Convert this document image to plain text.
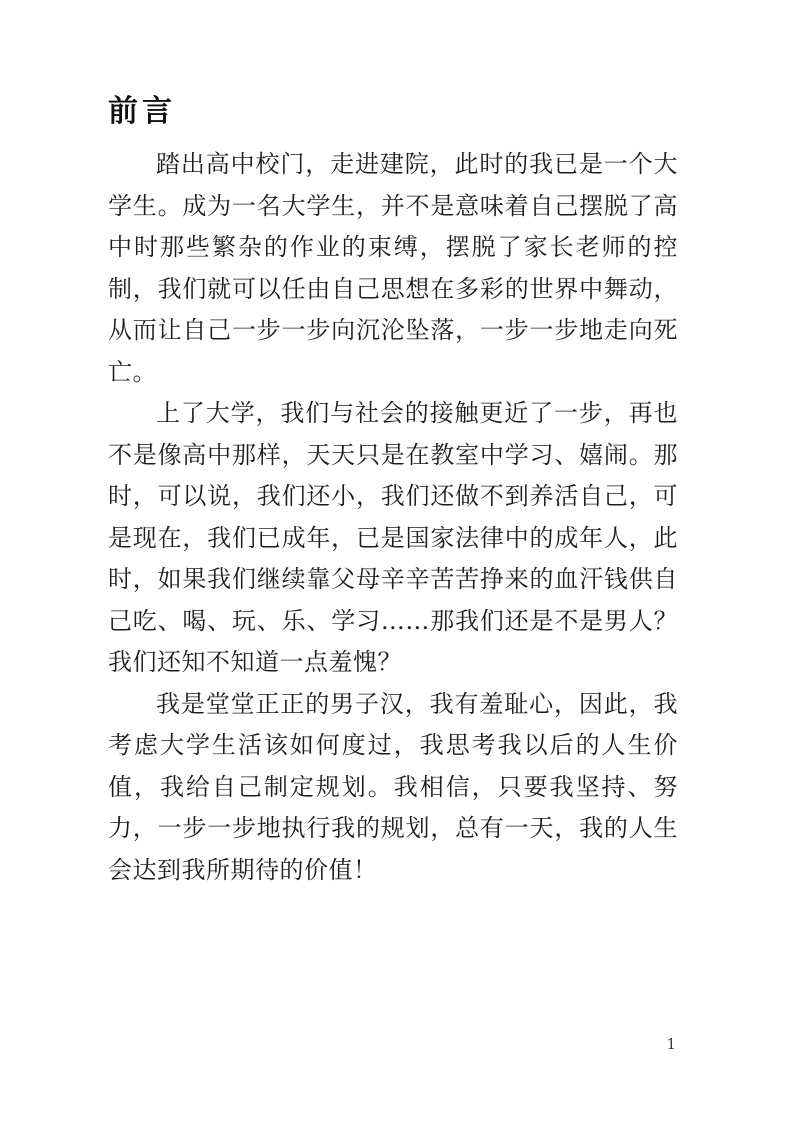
前言

踏出高中校门，走进建院，此时的我已是一个大学生。成为一名大学生，并不是意味着自己摆脱了高中时那些繁杂的作业的束缚，摆脱了家长老师的控制，我们就可以任由自己思想在多彩的世界中舞动，从而让自己一步一步向沉沦坠落，一步一步地走向死亡。

上了大学，我们与社会的接触更近了一步，再也不是像高中那样，天天只是在教室中学习、嬉闹。那时，可以说，我们还小，我们还做不到养活自己，可是现在，我们已成年，已是国家法律中的成年人，此时，如果我们继续靠父母辛辛苦苦挣来的血汗钱供自己吃、喝、玩、乐、学习……那我们还是不是男人？我们还知不知道一点羞愧？

我是堂堂正正的男子汉，我有羞耻心，因此，我考虑大学生活该如何度过，我思考我以后的人生价值，我给自己制定规划。我相信，只要我坚持、努力，一步一步地执行我的规划，总有一天，我的人生会达到我所期待的价值！

1
